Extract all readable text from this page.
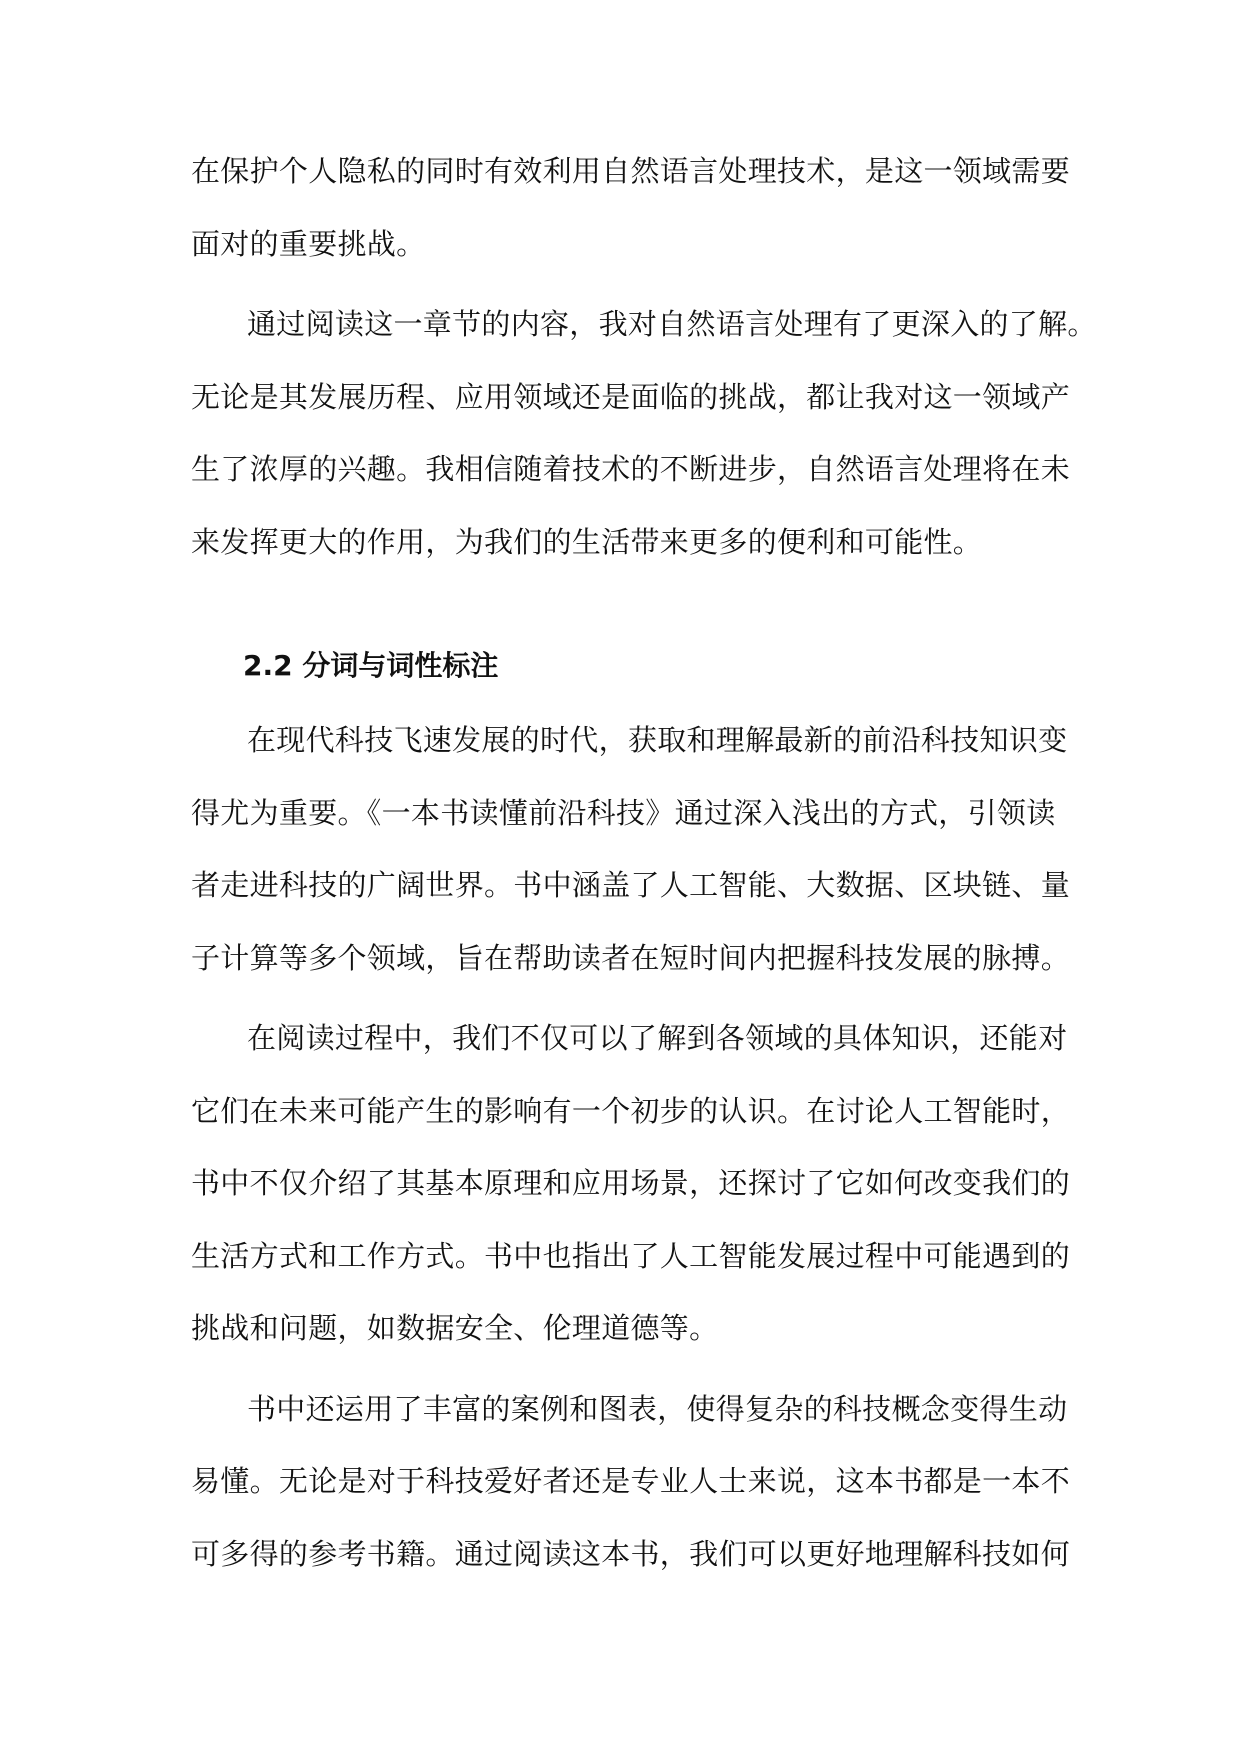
在保护个人隐私的同时有效利用自然语言处理技术，是这一领域需要
面对的重要挑战。
通过阅读这一章节的内容，我对自然语言处理有了更深入的了解。
无论是其发展历程、应用领域还是面临的挑战，都让我对这一领域产
生了浓厚的兴趣。我相信随着技术的不断进步，自然语言处理将在未
来发挥更大的作用，为我们的生活带来更多的便利和可能性。
2.2 分词与词性标注
在现代科技飞速发展的时代，获取和理解最新的前沿科技知识变
得尤为重要。《一本书读懂前沿科技》通过深入浅出的方式，引领读
者走进科技的广阔世界。书中涵盖了人工智能、大数据、区块链、量
子计算等多个领域，旨在帮助读者在短时间内把握科技发展的脉搏。
在阅读过程中，我们不仅可以了解到各领域的具体知识，还能对
它们在未来可能产生的影响有一个初步的认识。在讨论人工智能时，
书中不仅介绍了其基本原理和应用场景，还探讨了它如何改变我们的
生活方式和工作方式。书中也指出了人工智能发展过程中可能遇到的
挑战和问题，如数据安全、伦理道德等。
书中还运用了丰富的案例和图表，使得复杂的科技概念变得生动
易懂。无论是对于科技爱好者还是专业人士来说，这本书都是一本不
可多得的参考书籍。通过阅读这本书，我们可以更好地理解科技如何
